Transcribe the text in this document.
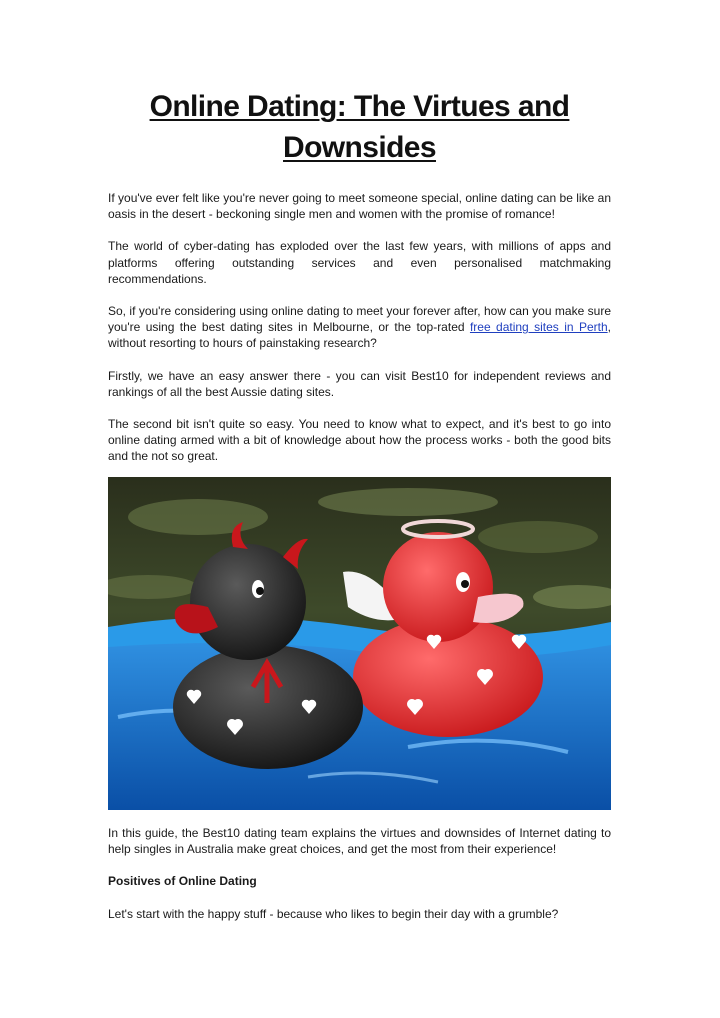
Online Dating: The Virtues and Downsides

If you've ever felt like you're never going to meet someone special, online dating can be like an oasis in the desert - beckoning single men and women with the promise of romance!

The world of cyber-dating has exploded over the last few years, with millions of apps and platforms offering outstanding services and even personalised matchmaking recommendations.

So, if you're considering using online dating to meet your forever after, how can you make sure you're using the best dating sites in Melbourne, or the top-rated free dating sites in Perth, without resorting to hours of painstaking research?

Firstly, we have an easy answer there - you can visit Best10 for independent reviews and rankings of all the best Aussie dating sites.

The second bit isn't quite so easy. You need to know what to expect, and it's best to go into online dating armed with a bit of knowledge about how the process works - both the good bits and the not so great.

In this guide, the Best10 dating team explains the virtues and downsides of Internet dating to help singles in Australia make great choices, and get the most from their experience!

Positives of Online Dating

Let's start with the happy stuff - because who likes to begin their day with a grumble?
